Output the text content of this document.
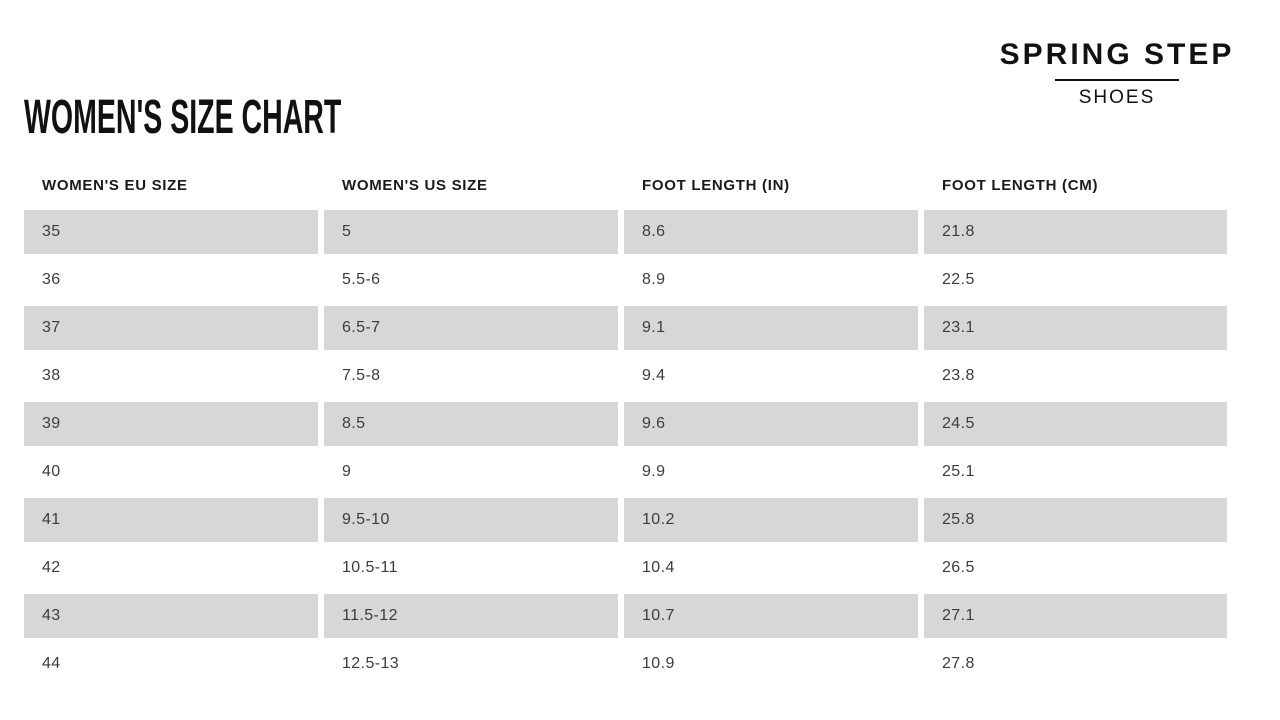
WOMEN'S SIZE CHART
SPRING STEP
SHOES
WOMEN'S EU SIZE	WOMEN'S US SIZE	FOOT LENGTH (IN)	FOOT LENGTH (CM)
35	5	8.6	21.8
36	5.5-6	8.9	22.5
37	6.5-7	9.1	23.1
38	7.5-8	9.4	23.8
39	8.5	9.6	24.5
40	9	9.9	25.1
41	9.5-10	10.2	25.8
42	10.5-11	10.4	26.5
43	11.5-12	10.7	27.1
44	12.5-13	10.9	27.8
